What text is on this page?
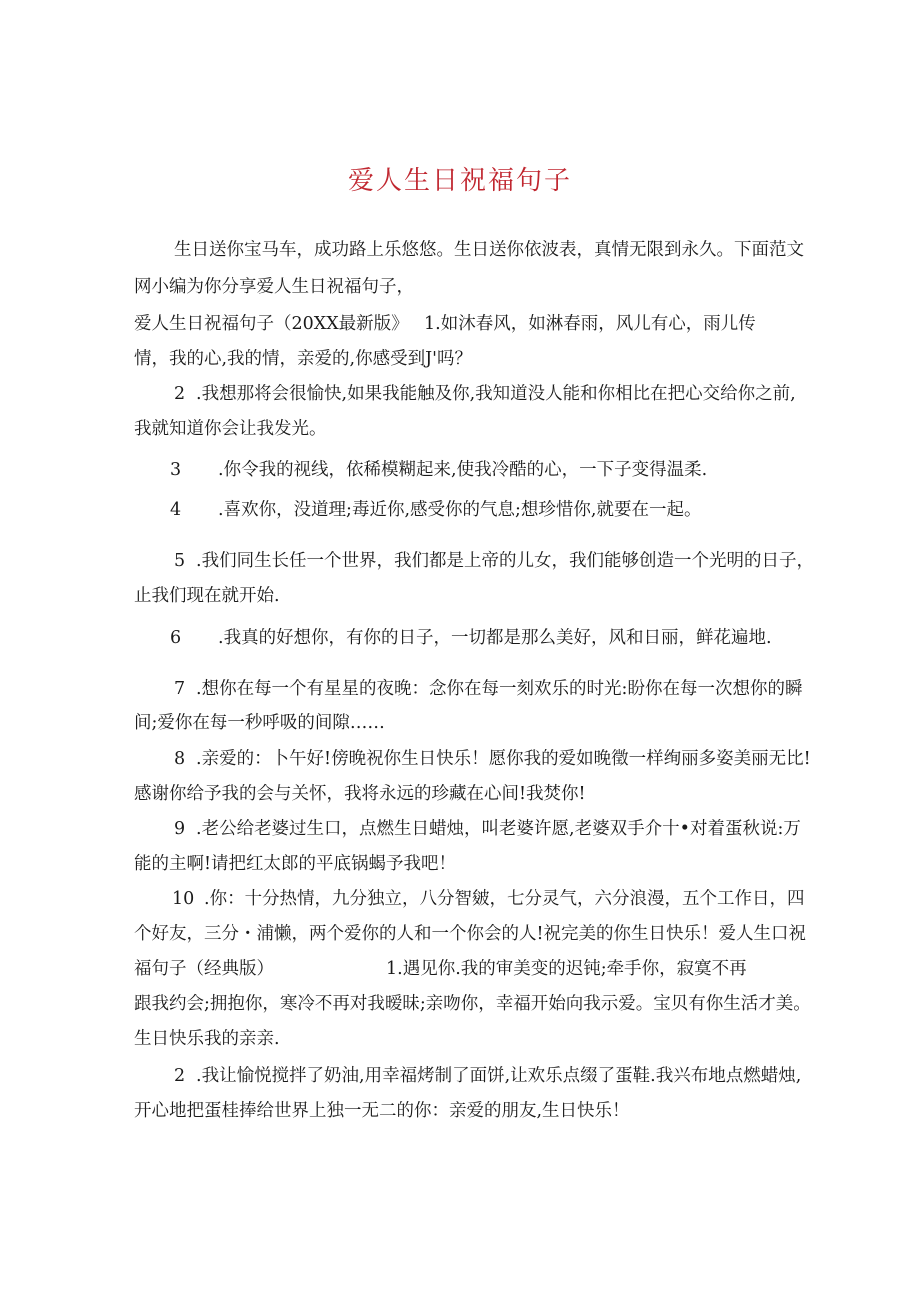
爱人生日祝福句子
生日送你宝马车，成功路上乐悠悠。生日送你依波表，真情无限到永久。下面范文
网小编为你分享爱人生日祝福句子，
爱人生日祝福句子（20XX最新版》 1.如沐春风，如淋春雨，风儿有心，雨儿传
情，我的心,我的情，亲爱的,你感受到J'吗？
2 .我想那将会很愉快,如果我能触及你,我知道没人能和你相比在把心交给你之前,
我就知道你会让我发光。
3 .你令我的视线，依稀模糊起来,使我冷酷的心，一下子变得温柔.
4 .喜欢你，没道理;毒近你,感受你的气息;想珍惜你,就要在一起。
5 .我们同生长任一个世界，我们都是上帝的儿女，我们能够创造一个光明的日子，
止我们现在就开始.
6 .我真的好想你，有你的日子，一切都是那么美好，风和日丽，鲜花遍地.
7 .想你在每一个有星星的夜晚：念你在每一刻欢乐的时光:盼你在每一次想你的瞬
间;爱你在每一秒呼吸的间隙……
8 .亲爱的：卜午好!傍晚祝你生日快乐！愿你我的爱如晚徵一样绚丽多姿美丽无比!
感谢你给予我的会与关怀，我将永远的珍藏在心间!我焚你!
9 .老公给老婆过生口，点燃生日蜡烛，叫老婆许愿,老婆双手介十•对着蛋秋说:万
能的主啊!请把红太郎的平底锅蝎予我吧！
10 .你：十分热情，九分独立，八分智皴，七分灵气，六分浪漫，五个工作日，四
个好友，三分・浦懒，两个爱你的人和一个你会的人!祝完美的你生日快乐！爱人生口祝
福句子（经典版）	1.遇见你.我的审美变的迟钝;牵手你，寂寞不再
跟我约会;拥抱你，寒冷不再对我暧昧;亲吻你，幸福开始向我示爱。宝贝有你生活才美。
生日快乐我的亲亲.
2 .我让愉悦搅拌了奶油,用幸福烤制了面饼,让欢乐点缀了蛋鞋.我兴布地点燃蜡烛,
开心地把蛋桂捧给世界上独一无二的你：亲爱的朋友,生日快乐！
